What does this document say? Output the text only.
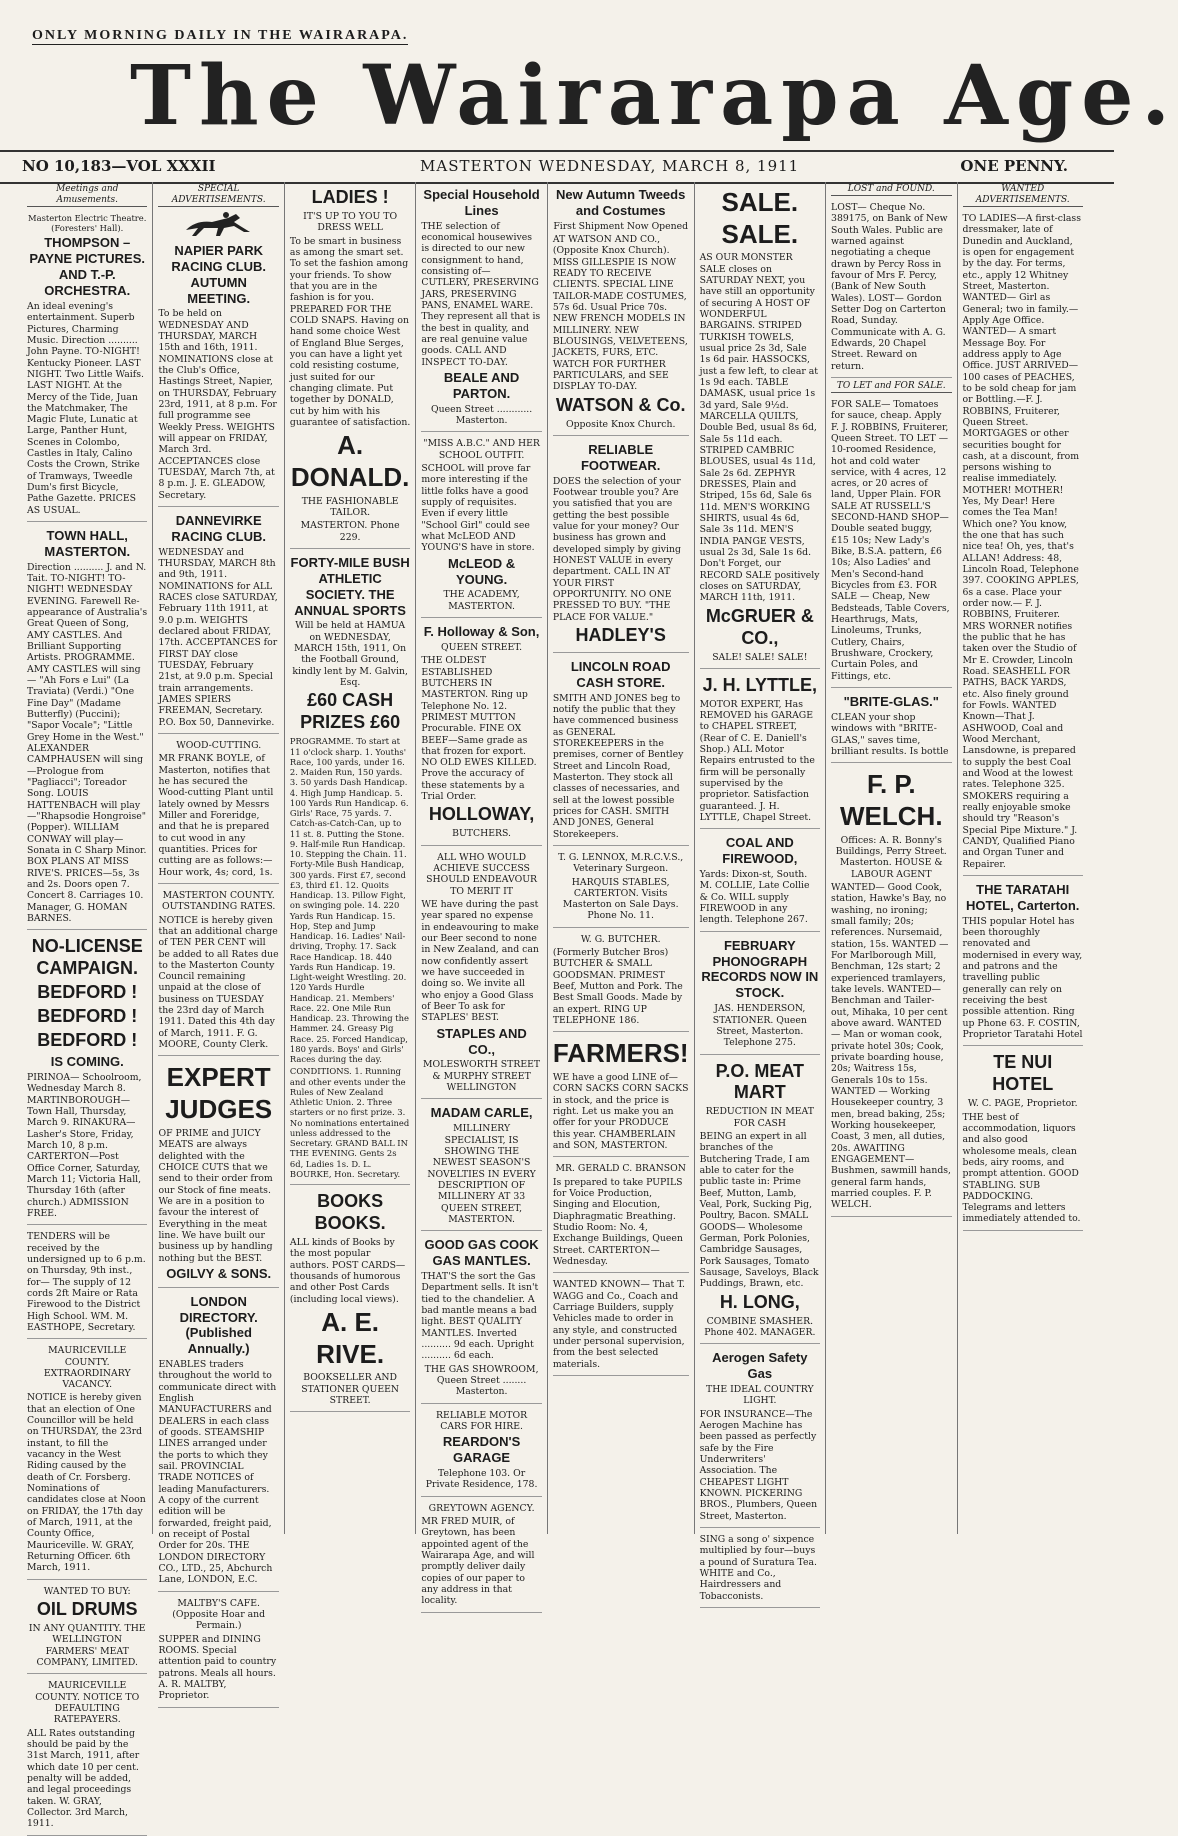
ONLY MORNING DAILY IN THE WAIRARAPA.
The Wairarapa Age.
NO 10,183—VOL XXXII	MASTERTON WEDNESDAY, MARCH 8, 1911	ONE PENNY.
Meetings and Amusements.

Masterton Electric Theatre. (Foresters' Hall).

THOMPSON – PAYNE PICTURES. AND T.-P. ORCHESTRA.

An ideal evening's entertainment. Superb Pictures, Charming Music. Direction .......... John Payne. TO-NIGHT! Kentucky Pioneer. LAST NIGHT. Two Little Waifs. LAST NIGHT. At the Mercy of the Tide, Juan the Matchmaker, The Magic Flute, Lunatic at Large, Panther Hunt, Scenes in Colombo, Castles in Italy, Calino Costs the Crown, Strike of Tramways, Tweedle Dum's first Bicycle, Pathe Gazette. PRICES AS USUAL.

TOWN HALL, MASTERTON.

Direction .......... J. and N. Tait. TO-NIGHT! TO-NIGHT! WEDNESDAY EVENING. Farewell Re-appearance of Australia's Great Queen of Song, AMY CASTLES. And Brilliant Supporting Artists. PROGRAMME. AMY CASTLES will sing— "Ah Fors e Lui" (La Traviata) (Verdi.) "One Fine Day" (Madame Butterfly) (Puccini); "Sapor Vocale"; "Little Grey Home in the West." ALEXANDER CAMPHAUSEN will sing—Prologue from "Pagliacci"; Toreador Song. LOUIS HATTENBACH will play—"Rhapsodie Hongroise" (Popper). WILLIAM CONWAY will play—Sonata in C Sharp Minor. BOX PLANS AT MISS RIVE'S. PRICES—5s, 3s and 2s. Doors open 7. Concert 8. Carriages 10. Manager, G. HOMAN BARNES.

NO-LICENSE CAMPAIGN.

BEDFORD !

BEDFORD !

BEDFORD !

IS COMING.

PIRINOA— Schoolroom, Wednesday March 8. MARTINBOROUGH— Town Hall, Thursday, March 9. RINAKURA— Lasher's Store, Friday, March 10, 8 p.m. CARTERTON—Post Office Corner, Saturday, March 11; Victoria Hall, Thursday 16th (after church.) ADMISSION FREE.

TENDERS will be received by the undersigned up to 6 p.m. on Thursday, 9th inst., for— The supply of 12 cords 2ft Maire or Rata Firewood to the District High School. WM. M. EASTHOPE, Secretary.

MAURICEVILLE COUNTY. EXTRAORDINARY VACANCY.

NOTICE is hereby given that an election of One Councillor will be held on THURSDAY, the 23rd instant, to fill the vacancy in the West Riding caused by the death of Cr. Forsberg. Nominations of candidates close at Noon on FRIDAY, the 17th day of March, 1911, at the County Office, Mauriceville. W. GRAY, Returning Officer. 6th March, 1911.

WANTED TO BUY:

OIL DRUMS

IN ANY QUANTITY. THE WELLINGTON FARMERS' MEAT COMPANY, LIMITED.

MAURICEVILLE COUNTY. NOTICE TO DEFAULTING RATEPAYERS.

ALL Rates outstanding should be paid by the 31st March, 1911, after which date 10 per cent. penalty will be added, and legal proceedings taken. W. GRAY, Collector. 3rd March, 1911.

SPECIAL ADVERTISEMENTS.

NAPIER PARK RACING CLUB. AUTUMN MEETING.

To be held on WEDNESDAY AND THURSDAY, MARCH 15th and 16th, 1911. NOMINATIONS close at the Club's Office, Hastings Street, Napier, on THURSDAY, February 23rd, 1911, at 8 p.m. For full programme see Weekly Press. WEIGHTS will appear on FRIDAY, March 3rd. ACCEPTANCES close TUESDAY, March 7th, at 8 p.m. J. E. GLEADOW, Secretary.

DANNEVIRKE RACING CLUB.

WEDNESDAY and THURSDAY, MARCH 8th and 9th, 1911. NOMINATIONS for ALL RACES close SATURDAY, February 11th 1911, at 9.0 p.m. WEIGHTS declared about FRIDAY, 17th. ACCEPTANCES for FIRST DAY close TUESDAY, February 21st, at 9.0 p.m. Special train arrangements. JAMES SPIERS FREEMAN, Secretary. P.O. Box 50, Dannevirke.

WOOD-CUTTING.

MR FRANK BOYLE, of Masterton, notifies that he has secured the Wood-cutting Plant until lately owned by Messrs Miller and Foreridge, and that he is prepared to cut wood in any quantities. Prices for cutting are as follows:—Hour work, 4s; cord, 1s.

MASTERTON COUNTY. OUTSTANDING RATES.

NOTICE is hereby given that an additional charge of TEN PER CENT will be added to all Rates due to the Masterton County Council remaining unpaid at the close of business on TUESDAY the 23rd day of March 1911. Dated this 4th day of March, 1911. F. G. MOORE, County Clerk.

EXPERT JUDGES

OF PRIME and JUICY MEATS are always delighted with the CHOICE CUTS that we send to their order from our Stock of fine meats. We are in a position to favour the interest of Everything in the meat line. We have built our business up by handling nothing but the BEST.

OGILVY & SONS.

LONDON DIRECTORY. (Published Annually.)

ENABLES traders throughout the world to communicate direct with English MANUFACTURERS and DEALERS in each class of goods. STEAMSHIP LINES arranged under the ports to which they sail. PROVINCIAL TRADE NOTICES of leading Manufacturers. A copy of the current edition will be forwarded, freight paid, on receipt of Postal Order for 20s. THE LONDON DIRECTORY CO., LTD., 25, Abchurch Lane, LONDON, E.C.

MALTBY'S CAFE. (Opposite Hoar and Permain.)

SUPPER and DINING ROOMS. Special attention paid to country patrons. Meals all hours. A. R. MALTBY, Proprietor.

LADIES !

IT'S UP TO YOU TO DRESS WELL

To be smart in business as among the smart set. To set the fashion among your friends. To show that you are in the fashion is for you. PREPARED FOR THE COLD SNAPS. Having on hand some choice West of England Blue Serges, you can have a light yet cold resisting costume, just suited for our changing climate. Put together by DONALD, cut by him with his guarantee of satisfaction.

A. DONALD.

THE FASHIONABLE TAILOR.

MASTERTON. Phone 229.

FORTY-MILE BUSH ATHLETIC SOCIETY. THE ANNUAL SPORTS

Will be held at HAMUA on WEDNESDAY, MARCH 15th, 1911, On the Football Ground, kindly lent by M. Galvin, Esq.

£60 CASH PRIZES £60

PROGRAMME. To start at 11 o'clock sharp. 1. Youths' Race, 100 yards, under 16. 2. Maiden Run, 150 yards. 3. 50 yards Dash Handicap. 4. High Jump Handicap. 5. 100 Yards Run Handicap. 6. Girls' Race, 75 yards. 7. Catch-as-Catch-Can, up to 11 st. 8. Putting the Stone. 9. Half-mile Run Handicap. 10. Stepping the Chain. 11. Forty-Mile Bush Handicap, 300 yards. First £7, second £3, third £1. 12. Quoits Handicap. 13. Pillow Fight, on swinging pole. 14. 220 Yards Run Handicap. 15. Hop, Step and Jump Handicap. 16. Ladies' Nail-driving, Trophy. 17. Sack Race Handicap. 18. 440 Yards Run Handicap. 19. Light-weight Wrestling. 20. 120 Yards Hurdle Handicap. 21. Members' Race. 22. One Mile Run Handicap. 23. Throwing the Hammer. 24. Greasy Pig Race. 25. Forced Handicap, 180 yards. Boys' and Girls' Races during the day.

CONDITIONS. 1. Running and other events under the Rules of New Zealand Athletic Union. 2. Three starters or no first prize. 3. No nominations entertained unless addressed to the Secretary. GRAND BALL IN THE EVENING. Gents 2s 6d, Ladies 1s. D. L. BOURKE, Hon. Secretary.

BOOKS BOOKS.

ALL kinds of Books by the most popular authors. POST CARDS—thousands of humorous and other Post Cards (including local views).

A. E. RIVE.

BOOKSELLER AND STATIONER QUEEN STREET.

Special Household Lines

THE selection of economical housewives is directed to our new consignment to hand, consisting of— CUTLERY, PRESERVING JARS, PRESERVING PANS, ENAMEL WARE. They represent all that is the best in quality, and are real genuine value goods. CALL AND INSPECT TO-DAY.

BEALE AND PARTON.

Queen Street ............ Masterton.

"MISS A.B.C." AND HER SCHOOL OUTFIT.

SCHOOL will prove far more interesting if the little folks have a good supply of requisites. Even if every little "School Girl" could see what McLEOD AND YOUNG'S have in store.

McLEOD & YOUNG.

THE ACADEMY, MASTERTON.

F. Holloway & Son,

QUEEN STREET.

THE OLDEST ESTABLISHED BUTCHERS IN MASTERTON. Ring up Telephone No. 12. PRIMEST MUTTON Procurable. FINE OX BEEF—Same grade as that frozen for export. NO OLD EWES KILLED. Prove the accuracy of these statements by a Trial Order.

HOLLOWAY,

BUTCHERS.

ALL WHO WOULD ACHIEVE SUCCESS SHOULD ENDEAVOUR TO MERIT IT

WE have during the past year spared no expense in endeavouring to make our Beer second to none in New Zealand, and can now confidently assert we have succeeded in doing so. We invite all who enjoy a Good Glass of Beer To ask for STAPLES' BEST.

STAPLES AND CO.,

MOLESWORTH STREET & MURPHY STREET WELLINGTON

MADAM CARLE,

MILLINERY SPECIALIST, IS SHOWING THE NEWEST SEASON'S NOVELTIES IN EVERY DESCRIPTION OF MILLINERY AT 33 QUEEN STREET, MASTERTON.

GOOD GAS COOK GAS MANTLES.

THAT'S the sort the Gas Department sells. It isn't tied to the chandelier. A bad mantle means a bad light. BEST QUALITY MANTLES. Inverted .......... 9d each. Upright .......... 6d each.

THE GAS SHOWROOM, Queen Street ........ Masterton.

RELIABLE MOTOR CARS FOR HIRE.

REARDON'S GARAGE

Telephone 103. Or Private Residence, 178.

GREYTOWN AGENCY.

MR FRED MUIR, of Greytown, has been appointed agent of the Wairarapa Age, and will promptly deliver daily copies of our paper to any address in that locality.

New Autumn Tweeds and Costumes

First Shipment Now Opened

AT WATSON AND CO., (Opposite Knox Church). MISS GILLESPIE IS NOW READY TO RECEIVE CLIENTS. SPECIAL LINE TAILOR-MADE COSTUMES, 57s 6d. Usual Price 70s. NEW FRENCH MODELS IN MILLINERY. NEW BLOUSINGS, VELVETEENS, JACKETS, FURS, ETC. WATCH FOR FURTHER PARTICULARS, and SEE DISPLAY TO-DAY.

WATSON & Co.

Opposite Knox Church.

RELIABLE FOOTWEAR.

DOES the selection of your Footwear trouble you? Are you satisfied that you are getting the best possible value for your money? Our business has grown and developed simply by giving HONEST VALUE in every department. CALL IN AT YOUR FIRST OPPORTUNITY. NO ONE PRESSED TO BUY. "THE PLACE FOR VALUE."

HADLEY'S

LINCOLN ROAD CASH STORE.

SMITH AND JONES beg to notify the public that they have commenced business as GENERAL STOREKEEPERS in the premises, corner of Bentley Street and Lincoln Road, Masterton. They stock all classes of necessaries, and sell at the lowest possible prices for CASH. SMITH AND JONES, General Storekeepers.

T. G. LENNOX, M.R.C.V.S., Veterinary Surgeon.

HARQUIS STABLES, CARTERTON. Visits Masterton on Sale Days. Phone No. 11.

W. G. BUTCHER.

(Formerly Butcher Bros) BUTCHER & SMALL GOODSMAN. PRIMEST Beef, Mutton and Pork. The Best Small Goods. Made by an expert. RING UP TELEPHONE 186.

FARMERS!

WE have a good LINE of— CORN SACKS CORN SACKS in stock, and the price is right. Let us make you an offer for your PRODUCE this year. CHAMBERLAIN and SON, MASTERTON.

MR. GERALD C. BRANSON

Is prepared to take PUPILS for Voice Production, Singing and Elocution, Diaphragmatic Breathing. Studio Room: No. 4, Exchange Buildings, Queen Street. CARTERTON—Wednesday.

WANTED KNOWN— That T. WAGG and Co., Coach and Carriage Builders, supply Vehicles made to order in any style, and constructed under personal supervision, from the best selected materials.

SALE. SALE.

AS OUR MONSTER SALE closes on SATURDAY NEXT, you have still an opportunity of securing A HOST OF WONDERFUL BARGAINS. STRIPED TURKISH TOWELS, usual price 2s 3d, Sale 1s 6d pair. HASSOCKS, just a few left, to clear at 1s 9d each. TABLE DAMASK, usual price 1s 3d yard, Sale 9½d. MARCELLA QUILTS, Double Bed, usual 8s 6d, Sale 5s 11d each. STRIPED CAMBRIC BLOUSES, usual 4s 11d, Sale 2s 6d. ZEPHYR DRESSES, Plain and Striped, 15s 6d, Sale 6s 11d. MEN'S WORKING SHIRTS, usual 4s 6d, Sale 3s 11d. MEN'S INDIA PANGE VESTS, usual 2s 3d, Sale 1s 6d. Don't Forget, our RECORD SALE positively closes on SATURDAY, MARCH 11th, 1911.

McGRUER & CO.,

SALE! SALE! SALE!

J. H. LYTTLE,

MOTOR EXPERT, Has REMOVED his GARAGE to CHAPEL STREET, (Rear of C. E. Daniell's Shop.) ALL Motor Repairs entrusted to the firm will be personally supervised by the proprietor. Satisfaction guaranteed. J. H. LYTTLE, Chapel Street.

COAL AND FIREWOOD,

Yards: Dixon-st, South. M. COLLIE, Late Collie & Co. WILL supply FIREWOOD in any length. Telephone 267.

FEBRUARY PHONOGRAPH RECORDS NOW IN STOCK.

JAS. HENDERSON, STATIONER. Queen Street, Masterton. Telephone 275.

P.O. MEAT MART

REDUCTION IN MEAT FOR CASH

BEING an expert in all branches of the Butchering Trade, I am able to cater for the public taste in: Prime Beef, Mutton, Lamb, Veal, Pork, Sucking Pig, Poultry, Bacon. SMALL GOODS— Wholesome German, Pork Polonies, Cambridge Sausages, Pork Sausages, Tomato Sausage, Saveloys, Black Puddings, Brawn, etc.

H. LONG,

COMBINE SMASHER. Phone 402. MANAGER.

Aerogen Safety Gas

THE IDEAL COUNTRY LIGHT.

FOR INSURANCE—The Aerogen Machine has been passed as perfectly safe by the Fire Underwriters' Association. The CHEAPEST LIGHT KNOWN. PICKERING BROS., Plumbers, Queen Street, Masterton.

SING a song o' sixpence multiplied by four—buys a pound of Suratura Tea. WHITE and Co., Hairdressers and Tobacconists.

LOST and FOUND.

LOST— Cheque No. 389175, on Bank of New South Wales. Public are warned against negotiating a cheque drawn by Percy Ross in favour of Mrs F. Percy, (Bank of New South Wales). LOST— Gordon Setter Dog on Carterton Road, Sunday. Communicate with A. G. Edwards, 20 Chapel Street. Reward on return.

TO LET and FOR SALE.

FOR SALE— Tomatoes for sauce, cheap. Apply F. J. ROBBINS, Fruiterer, Queen Street. TO LET — 10-roomed Residence, hot and cold water service, with 4 acres, 12 acres, or 20 acres of land, Upper Plain. FOR SALE AT RUSSELL'S SECOND-HAND SHOP— Double seated buggy, £15 10s; New Lady's Bike, B.S.A. pattern, £6 10s; Also Ladies' and Men's Second-hand Bicycles from £3. FOR SALE — Cheap, New Bedsteads, Table Covers, Hearthrugs, Mats, Linoleums, Trunks, Cutlery, Chairs, Brushware, Crockery, Curtain Poles, and Fittings, etc.

"BRITE-GLAS."

CLEAN your shop windows with "BRITE-GLAS," saves time, brilliant results. Is bottle

F. P. WELCH.

Offices: A. R. Bonny's Buildings, Perry Street. Masterton. HOUSE & LABOUR AGENT

WANTED— Good Cook, station, Hawke's Bay, no washing, no ironing; small family; 20s; references. Nursemaid, station, 15s. WANTED — For Marlborough Mill, Benchman, 12s start; 2 experienced tramlayers, take levels. WANTED— Benchman and Tailer-out, Mihaka, 10 per cent above award. WANTED — Man or woman cook, private hotel 30s; Cook, private boarding house, 20s; Waitress 15s, Generals 10s to 15s. WANTED — Working Housekeeper country, 3 men, bread baking, 25s; Working housekeeper, Coast, 3 men, all duties, 20s. AWAITING ENGAGEMENT— Bushmen, sawmill hands, general farm hands, married couples. F. P. WELCH.

WANTED ADVERTISEMENTS.

TO LADIES—A first-class dressmaker, late of Dunedin and Auckland, is open for engagement by the day. For terms, etc., apply 12 Whitney Street, Masterton. WANTED— Girl as General; two in family.—Apply Age Office. WANTED— A smart Message Boy. For address apply to Age Office. JUST ARRIVED— 100 cases of PEACHES, to be sold cheap for jam or Bottling.—F. J. ROBBINS, Fruiterer, Queen Street. MORTGAGES or other securities bought for cash, at a discount, from persons wishing to realise immediately. MOTHER! MOTHER! Yes, My Dear! Here comes the Tea Man! Which one? You know, the one that has such nice tea! Oh, yes, that's ALLAN! Address: 48, Lincoln Road, Telephone 397. COOKING APPLES, 6s a case. Place your order now.— F. J. ROBBINS, Fruiterer. MRS WORNER notifies the public that he has taken over the Studio of Mr E. Crowder, Lincoln Road. SEASHELL FOR PATHS, BACK YARDS, etc. Also finely ground for Fowls. WANTED Known—That J. ASHWOOD, Coal and Wood Merchant, Lansdowne, is prepared to supply the best Coal and Wood at the lowest rates. Telephone 325. SMOKERS requiring a really enjoyable smoke should try "Reason's Special Pipe Mixture." J. CANDY, Qualified Piano and Organ Tuner and Repairer.

THE TARATAHI HOTEL, Carterton.

THIS popular Hotel has been thoroughly renovated and modernised in every way, and patrons and the travelling public generally can rely on receiving the best possible attention. Ring up Phone 63. F. COSTIN, Proprietor Taratahi Hotel

TE NUI HOTEL

W. C. PAGE, Proprietor.

THE best of accommodation, liquors and also good wholesome meals, clean beds, airy rooms, and prompt attention. GOOD STABLING. SUB PADDOCKING. Telegrams and letters immediately attended to.
